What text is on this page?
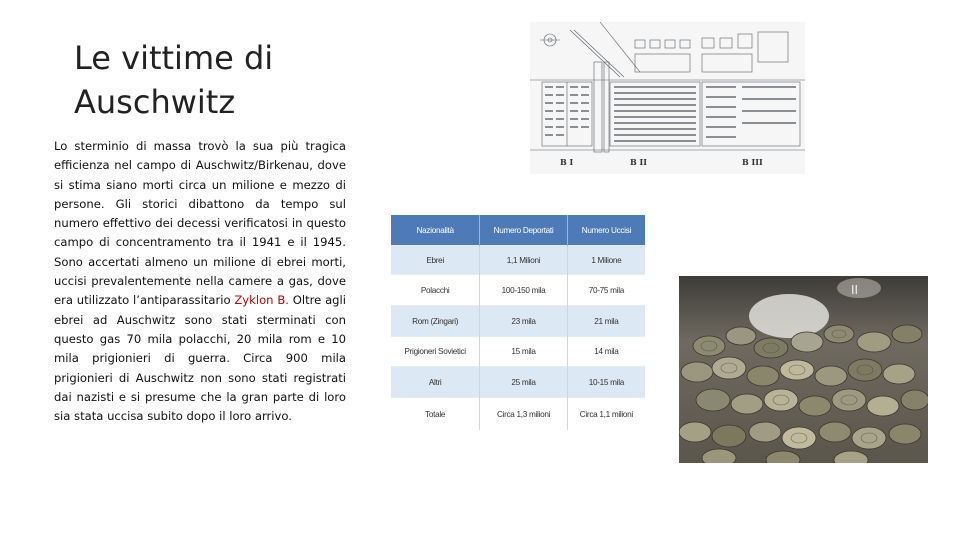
Le vittime di
Auschwitz

Lo sterminio di massa trovò la sua più tragica efficienza nel campo di Auschwitz/Birkenau, dove si stima siano morti circa un milione e mezzo di persone. Gli storici dibattono da tempo sul numero effettivo dei decessi verificatosi in questo campo di concentramento tra il 1941 e il 1945. Sono accertati almeno un milione di ebrei morti, uccisi prevalentemente nella camere a gas, dove era utilizzato l’antiparassitario Zyklon B. Oltre agli ebrei ad Auschwitz sono stati sterminati con questo gas 70 mila polacchi, 20 mila rom e 10 mila prigionieri di guerra. Circa 900 mila prigionieri di Auschwitz non sono stati registrati dai nazisti e si presume che la gran parte di loro sia stata uccisa subito dopo il loro arrivo.

B I	B II	B III
Nazionalità	Numero Deportati	Numero Uccisi
Ebrei	1,1 Milioni	1 Milione
Polacchi	100-150 mila	70-75 mila
Rom (Zingari)	23 mila	21 mila
Prigioneri Sovietici	15 mila	14 mila
Altri	25 mila	10-15 mila
Totale	Circa 1,3 milioni	Circa 1,1 milioni
II
